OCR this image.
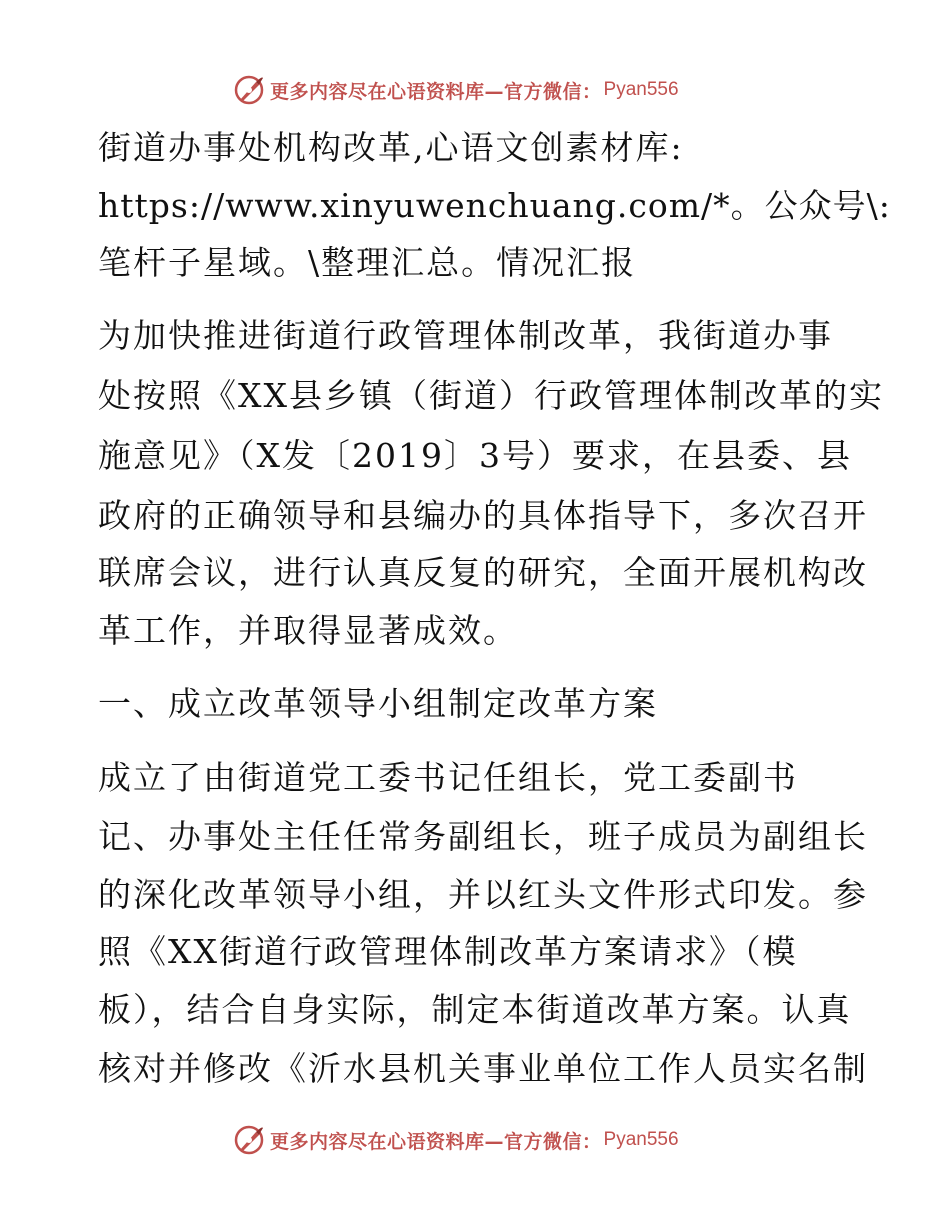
更多内容尽在心语资料库—官方微信： Pyan556
街道办事处机构改革,心语文创素材库:
https://www.xinyuwenchuang.com/*。公众号\:
笔杆子星域。\整理汇总。情况汇报
为加快推进街道行政管理体制改革，我街道办事
处按照《XX县乡镇（街道）行政管理体制改革的实
施意见》（X发〔2019〕3号）要求，在县委、县
政府的正确领导和县编办的具体指导下，多次召开
联席会议，进行认真反复的研究，全面开展机构改
革工作，并取得显著成效。
一、成立改革领导小组制定改革方案
成立了由街道党工委书记任组长，党工委副书
记、办事处主任任常务副组长，班子成员为副组长
的深化改革领导小组，并以红头文件形式印发。参
照《XX街道行政管理体制改革方案请求》（模
板），结合自身实际，制定本街道改革方案。认真
核对并修改《沂水县机关事业单位工作人员实名制
更多内容尽在心语资料库—官方微信： Pyan556
